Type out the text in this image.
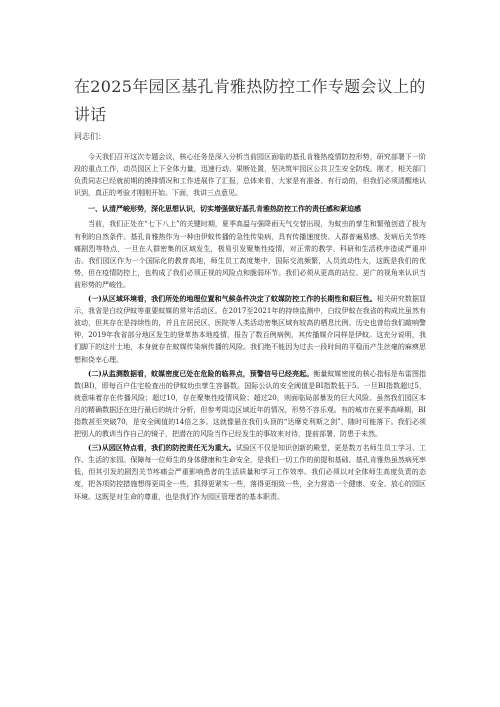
在2025年园区基孔肯雅热防控工作专题会议上的讲话
同志们：

今天我们召开这次专题会议，核心任务是深入分析当前园区面临的基孔肯雅热疫情防控形势，研究部署下一阶段的重点工作，动员园区上下全体力量，迅速行动、果断处置，坚决筑牢园区公共卫生安全防线。刚才，相关部门负责同志已经就前期的摸排情况和工作进展作了汇报，总体来看，大家是有准备、有行动的，但我们必须清醒地认识到，真正的考验才刚刚开始。下面，我讲三点意见。

一、认清严峻形势，深化思想认识，切实增强做好基孔肯雅热防控工作的责任感和紧迫感

当前，我们正处在“七下八上”的关键时期，夏季高温与强降雨天气交替出现，为蚊虫的孳生和繁殖创造了极为有利的自然条件。基孔肯雅热作为一种由伊蚊传播的急性传染病，具有传播速度快、人群普遍易感、发病后关节疼痛剧烈等特点，一旦在人群密集的区域发生，极易引发聚集性疫情，对正常的教学、科研和生活秩序造成严重冲击。我们园区作为一个国际化的教育高地，师生员工高度集中，国际交流频繁，人员流动性大，这既是我们的优势，但在疫情防控上，也构成了我们必须正视的风险点和脆弱环节。我们必须从更高的站位、更广的视角来认识当前形势的严峻性。

(一)从区域环境看，我们所处的地理位置和气候条件决定了蚊媒防控工作的长期性和艰巨性。相关研究数据显示，我省是白纹伊蚊等重要蚊媒的常年活动区。在2017至2021年的持续监测中，白纹伊蚊在我省的构成比虽然有波动，但其存在是持续性的，并且在居民区、医院等人类活动密集区域有较高的栖息比例。历史也曾给我们敲响警钟，2019年我省部分地区发生的登革热本地疫情，报告了数百例病例，其传播媒介同样是伊蚊。这充分说明，我们脚下的这片土地，本身就存在蚊媒传染病传播的风险。我们绝不能因为过去一段时间的平稳而产生丝毫的麻痹思想和侥幸心理。

(二)从监测数据看，蚊媒密度已处在危险的临界点，预警信号已经亮起。衡量蚊媒密度的核心指标是布雷图指数(BI)，即每百户住宅检查出的伊蚊幼虫孳生容器数。国际公认的安全阈值是BI指数低于5。一旦BI指数超过5，就意味着存在传播风险；超过10，存在聚集性疫情风险；超过20，则面临局部暴发的巨大风险。虽然我们园区本月的精确数据还在进行最后的统计分析，但参考周边区域近年的情况，形势不容乐观。有的城市在夏季高峰期，BI指数甚至突破70，是安全阈值的14倍之多。这就像悬在我们头顶的“达摩克利斯之剑”，随时可能落下。我们必须把别人的教训当作自己的镜子，把潜在的风险当作已经发生的事故来对待，提前部署，防患于未然。

(三)从园区特点看，我们的防控责任无为重大。试验区不仅是知识创新的殿堂，更是数万名师生员工学习、工作、生活的家园。保障每一位师生的身体健康和生命安全，是我们一切工作的前提和基础。基孔肯雅热虽然病死率低，但其引发的剧烈关节疼痛会严重影响患者的生活质量和学习工作效率。我们必须以对全体师生高度负责的态度，把各项防控措施想得更周全一些，抓得更紧实一些，落得更细致一些，全力营造一个健康、安全、放心的园区环境。这既是对生命的尊重，也是我们作为园区管理者的基本职责。
